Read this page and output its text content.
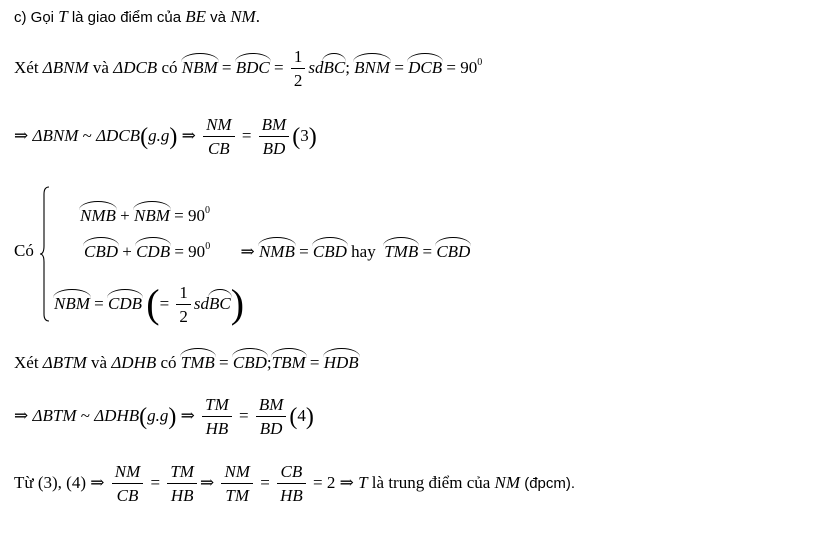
c) Gọi T là giao điểm của BE và NM.
Xét ΔBNM và ΔDCB có NBM = BDC = $\frac{1}{2}$ sdBC; BNM = DCB = $90^0$
⇒ ΔBNM ~ ΔDCB(g.g) ⇒ $\frac{NM}{CB} = \frac{BM}{BD} (3)$
NMB + NBM = $90^0$
Có	CBD + CDB = $90^0$ ⇒ NMB = CBD hay  TMB = CBD
NBM = CDB (= $\frac{1}{2}$ sdBC)
Xét ΔBTM và ΔDHB có TMB = CBD;TBM = HDB
⇒ ΔBTM ~ ΔDHB(g.g) ⇒ $\frac{TM}{HB} = \frac{BM}{BD} (4)$
Từ (3), (4) ⇒ $\frac{NM}{CB} = \frac{TM}{HB}$ ⇒ $\frac{NM}{TM} = \frac{CB}{HB} = 2$ ⇒ T là trung điểm của NM (đpcm).
